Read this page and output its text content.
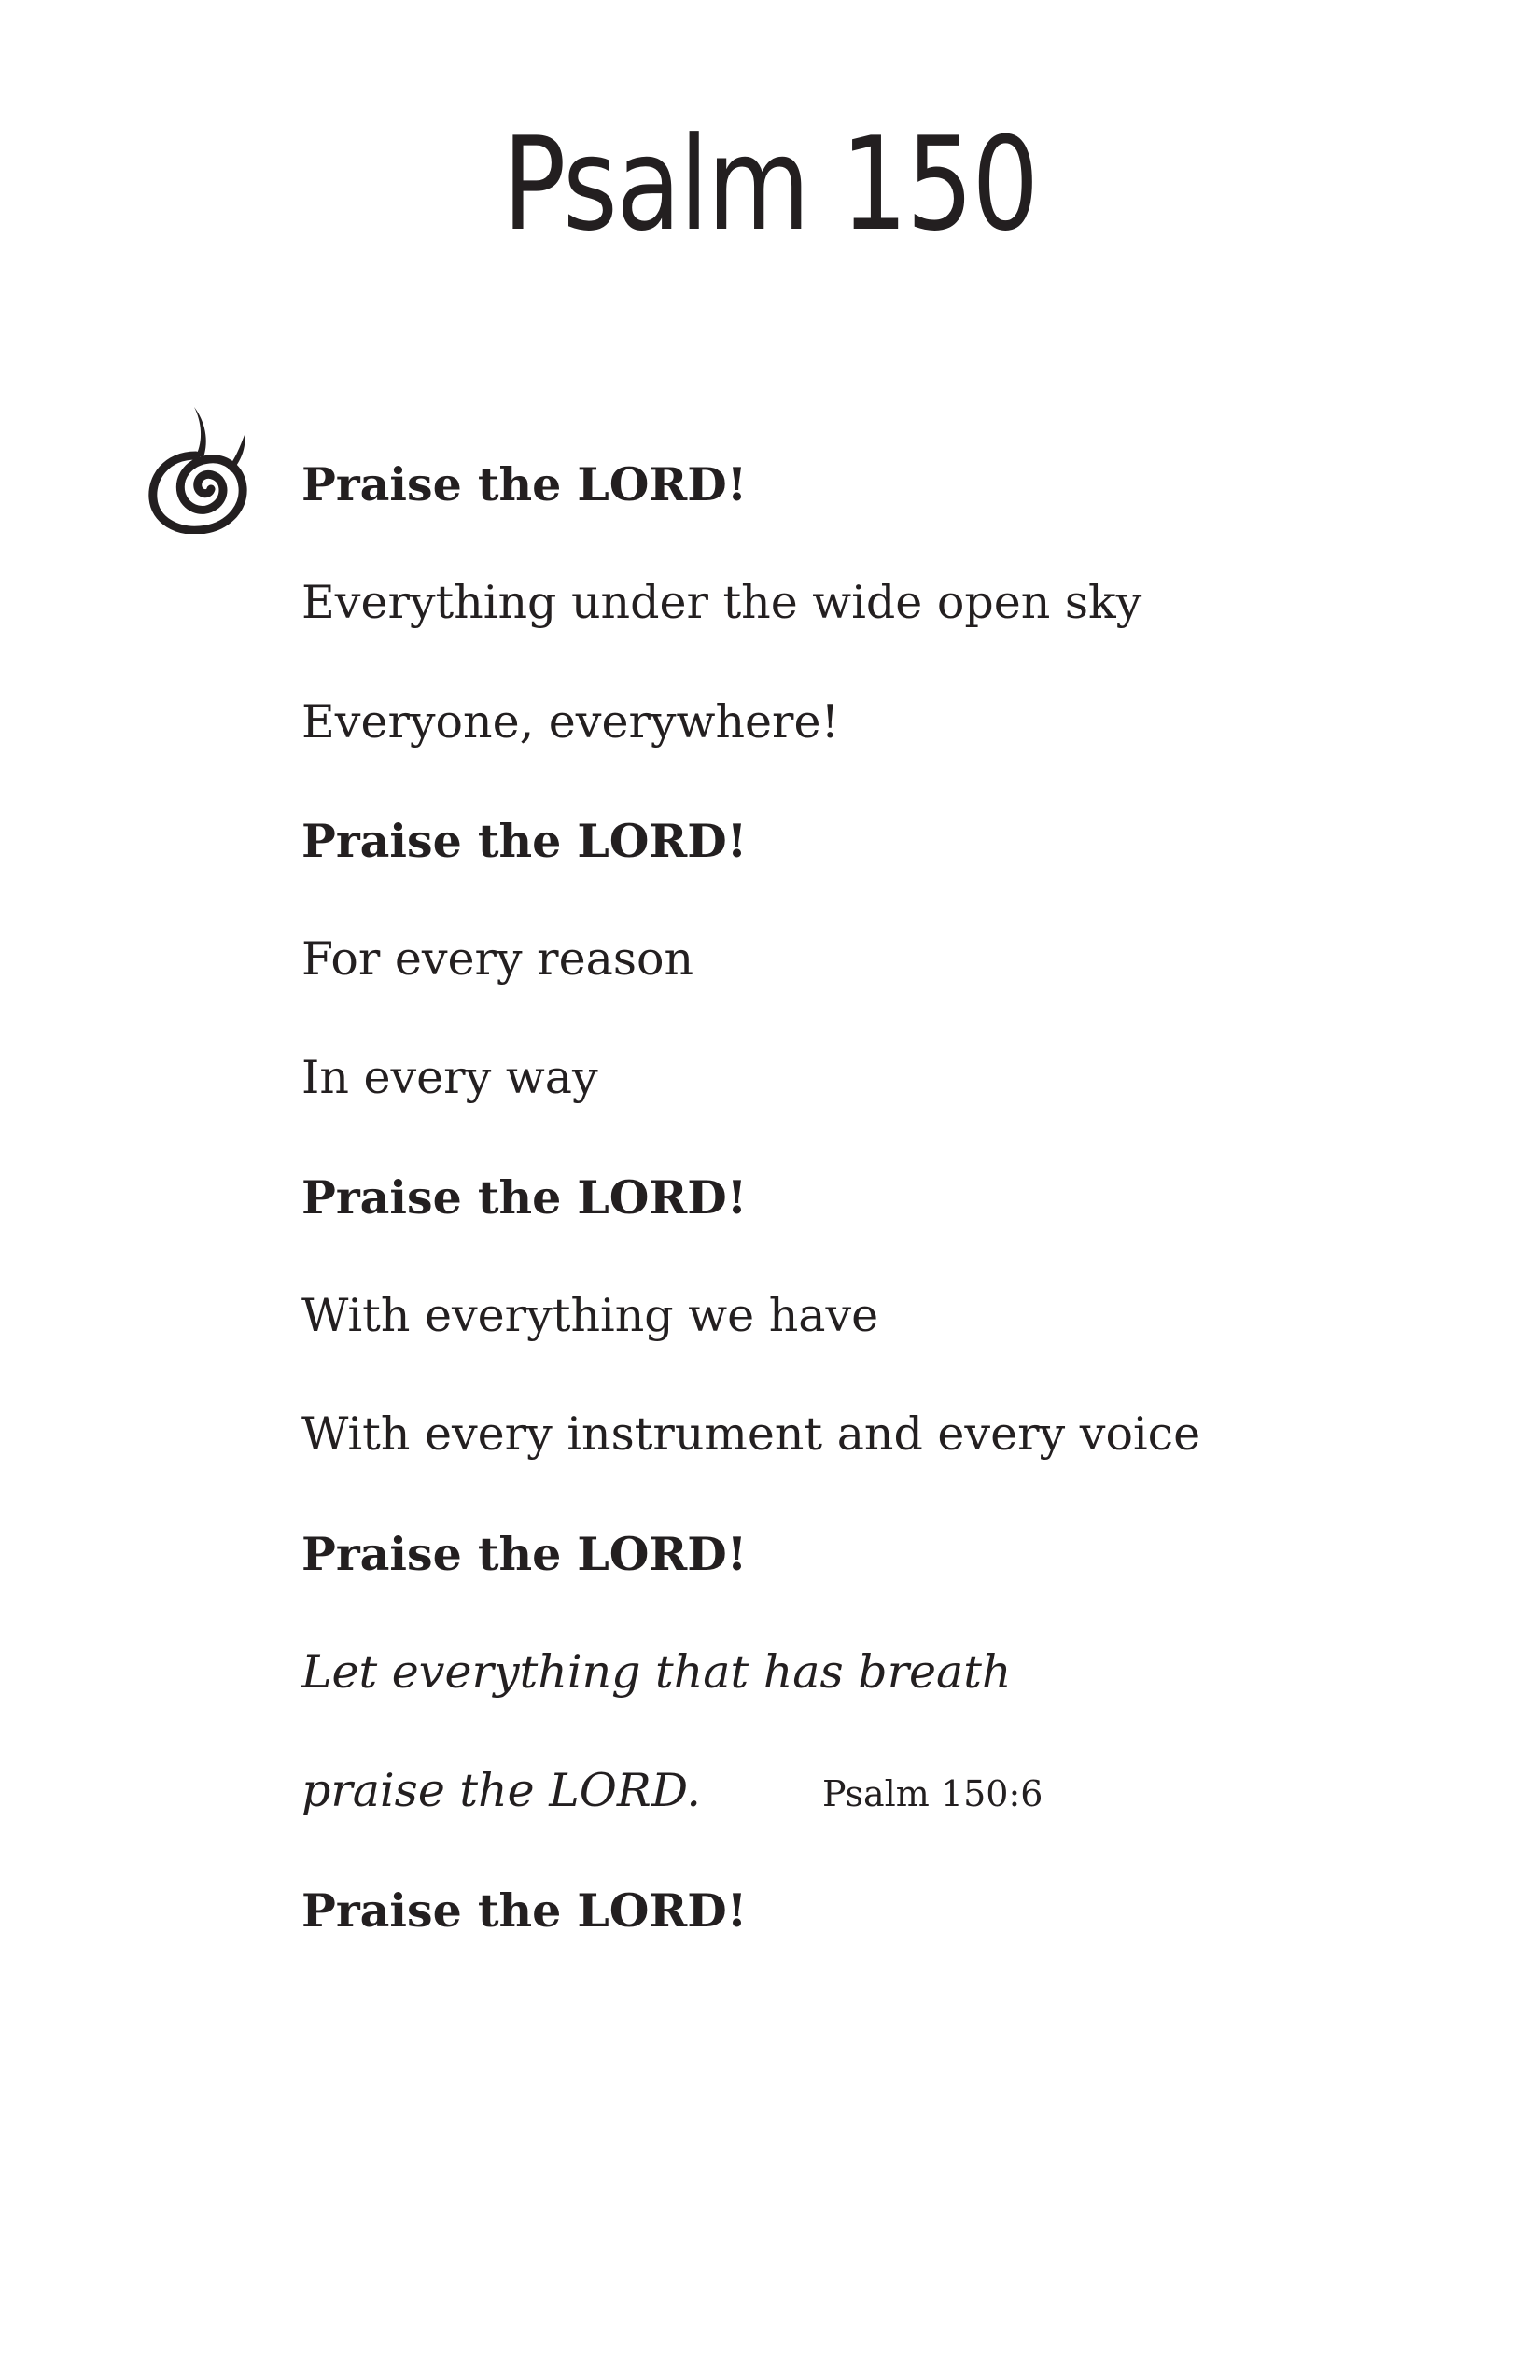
Psalm 150
Praise the LORD!
Everything under the wide open sky
Everyone, everywhere!
Praise the LORD!
For every reason
In every way
Praise the LORD!
With everything we have
With every instrument and every voice
Praise the LORD!
Let everything that has breath
praise the LORD.	Psalm 150:6
Praise the LORD!
